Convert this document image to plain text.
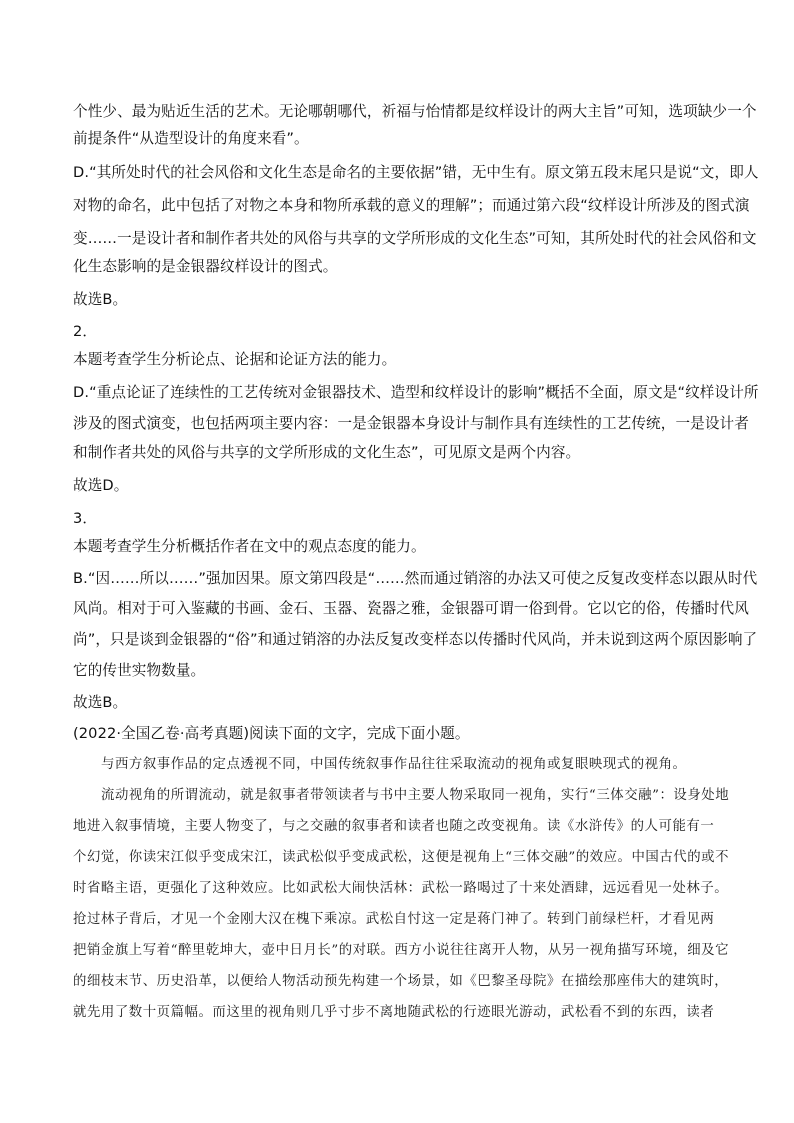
个性少、最为贴近生活的艺术。无论哪朝哪代，祈福与怡情都是纹样设计的两大主旨”可知，选项缺少一个
前提条件“从造型设计的角度来看”。
D.“其所处时代的社会风俗和文化生态是命名的主要依据”错，无中生有。原文第五段末尾只是说“文，即人
对物的命名，此中包括了对物之本身和物所承载的意义的理解”；而通过第六段“纹样设计所涉及的图式演
变……一是设计者和制作者共处的风俗与共享的文学所形成的文化生态”可知，其所处时代的社会风俗和文
化生态影响的是金银器纹样设计的图式。
故选B。
2．
本题考查学生分析论点、论据和论证方法的能力。
D.“重点论证了连续性的工艺传统对金银器技术、造型和纹样设计的影响”概括不全面，原文是“纹样设计所
涉及的图式演变，也包括两项主要内容：一是金银器本身设计与制作具有连续性的工艺传统，一是设计者
和制作者共处的风俗与共享的文学所形成的文化生态”，可见原文是两个内容。
故选D。
3．
本题考查学生分析概括作者在文中的观点态度的能力。
B.“因……所以……”强加因果。原文第四段是“……然而通过销溶的办法又可使之反复改变样态以跟从时代
风尚。相对于可入鉴藏的书画、金石、玉器、瓷器之雅，金银器可谓一俗到骨。它以它的俗，传播时代风
尚”，只是谈到金银器的“俗”和通过销溶的办法反复改变样态以传播时代风尚，并未说到这两个原因影响了
它的传世实物数量。
故选B。
(2022·全国乙卷·高考真题)阅读下面的文字，完成下面小题。
与西方叙事作品的定点透视不同，中国传统叙事作品往往采取流动的视角或复眼映现式的视角。
流动视角的所谓流动，就是叙事者带领读者与书中主要人物采取同一视角，实行“三体交融”：设身处地
地进入叙事情境，主要人物变了，与之交融的叙事者和读者也随之改变视角。读《水浒传》的人可能有一
个幻觉，你读宋江似乎变成宋江，读武松似乎变成武松，这便是视角上“三体交融”的效应。中国古代的或不
时省略主语，更强化了这种效应。比如武松大闹快活林：武松一路喝过了十来处酒肆，远远看见一处林子。
抢过林子背后，才见一个金刚大汉在槐下乘凉。武松自忖这一定是蒋门神了。转到门前绿栏杆，才看见两
把销金旗上写着“醉里乾坤大，壶中日月长”的对联。西方小说往往离开人物，从另一视角描写环境，细及它
的细枝末节、历史沿革，以便给人物活动预先构建一个场景，如《巴黎圣母院》在描绘那座伟大的建筑时，
就先用了数十页篇幅。而这里的视角则几乎寸步不离地随武松的行迹眼光游动，武松看不到的东西，读者
